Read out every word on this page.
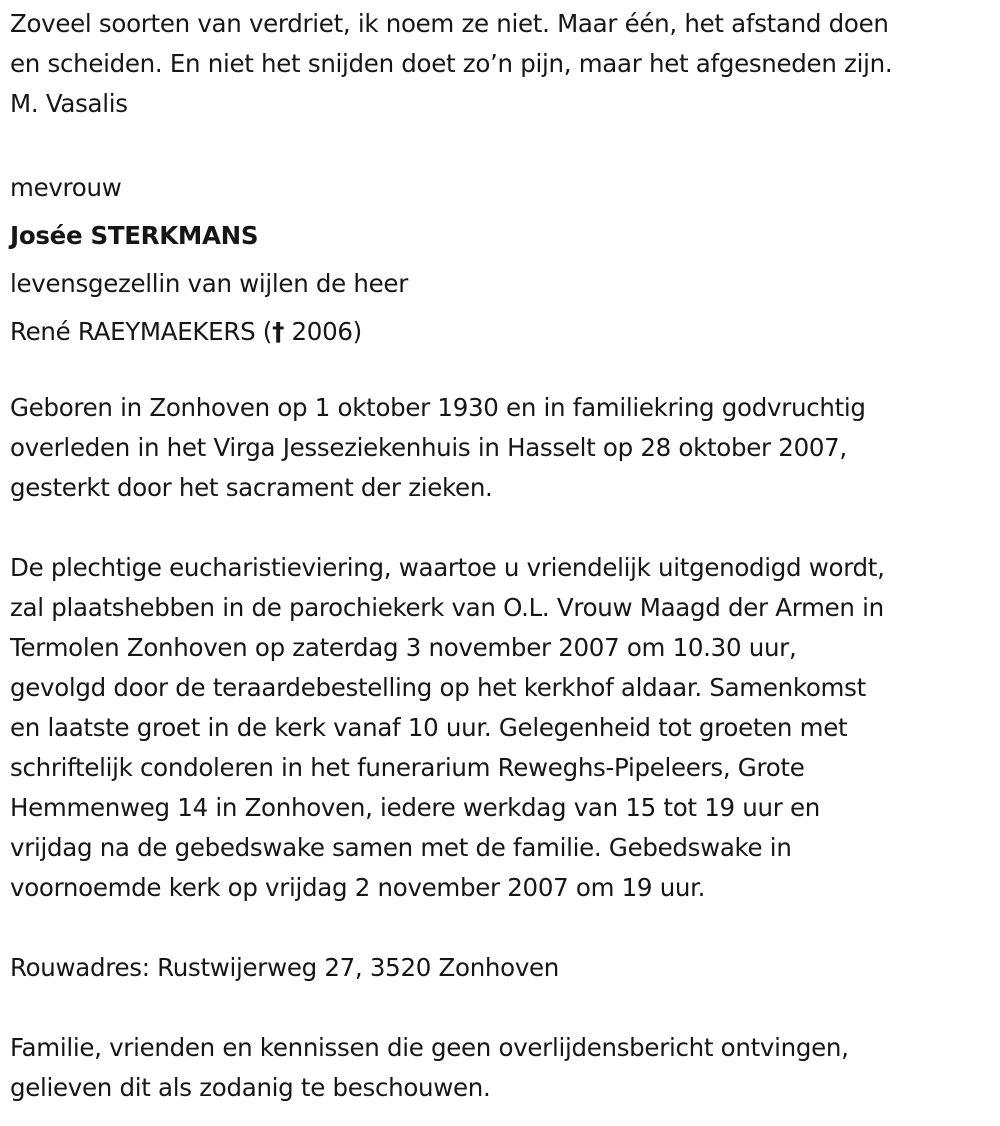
Zoveel soorten van verdriet, ik noem ze niet. Maar één, het afstand doen
en scheiden. En niet het snijden doet zo’n pijn, maar het afgesneden zijn.
M. Vasalis
mevrouw
Josée STERKMANS
levensgezellin van wijlen de heer
René RAEYMAEKERS († 2006)
Geboren in Zonhoven op 1 oktober 1930 en in familiekring godvruchtig
overleden in het Virga Jesseziekenhuis in Hasselt op 28 oktober 2007,
gesterkt door het sacrament der zieken.
De plechtige eucharistieviering, waartoe u vriendelijk uitgenodigd wordt,
zal plaatshebben in de parochiekerk van O.L. Vrouw Maagd der Armen in
Termolen Zonhoven op zaterdag 3 november 2007 om 10.30 uur,
gevolgd door de teraardebestelling op het kerkhof aldaar. Samenkomst
en laatste groet in de kerk vanaf 10 uur. Gelegenheid tot groeten met
schriftelijk condoleren in het funerarium Reweghs-Pipeleers, Grote
Hemmenweg 14 in Zonhoven, iedere werkdag van 15 tot 19 uur en
vrijdag na de gebedswake samen met de familie. Gebedswake in
voornoemde kerk op vrijdag 2 november 2007 om 19 uur.
Rouwadres: Rustwijerweg 27, 3520 Zonhoven
Familie, vrienden en kennissen die geen overlijdensbericht ontvingen,
gelieven dit als zodanig te beschouwen.
